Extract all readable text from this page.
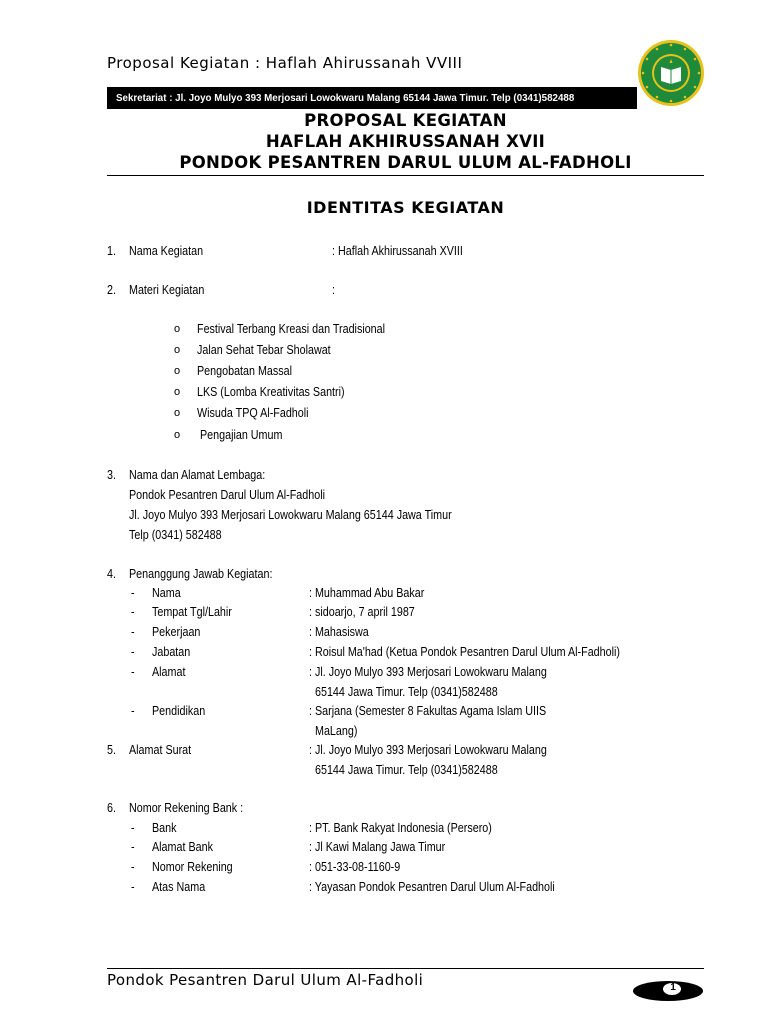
Proposal Kegiatan : Haflah Ahirussanah VVIII
Sekretariat : Jl. Joyo Mulyo 393 Merjosari Lowokwaru Malang 65144 Jawa Timur. Telp (0341)582488
PROPOSAL KEGIATAN
HAFLAH AKHIRUSSANAH XVII
PONDOK PESANTREN DARUL ULUM AL-FADHOLI
IDENTITAS KEGIATAN
1. Nama Kegiatan	: Haflah Akhirussanah XVIII
2. Materi Kegiatan	:
o Festival Terbang Kreasi dan Tradisional
o Jalan Sehat Tebar Sholawat
o Pengobatan Massal
o LKS (Lomba Kreativitas Santri)
o Wisuda TPQ Al-Fadholi
o Pengajian Umum
3. Nama dan Alamat Lembaga:
Pondok Pesantren Darul Ulum Al-Fadholi
Jl. Joyo Mulyo 393 Merjosari Lowokwaru Malang 65144 Jawa Timur
Telp (0341) 582488
4. Penanggung Jawab Kegiatan:
- Nama	: Muhammad Abu Bakar
- Tempat Tgl/Lahir	: sidoarjo, 7 april 1987
- Pekerjaan	: Mahasiswa
- Jabatan	: Roisul Ma'had (Ketua Pondok Pesantren Darul Ulum Al-Fadholi)
- Alamat	: Jl. Joyo Mulyo 393 Merjosari Lowokwaru Malang
65144 Jawa Timur. Telp (0341)582488
- Pendidikan	: Sarjana (Semester 8 Fakultas Agama Islam UIIS
MaLang)
5. Alamat Surat	: Jl. Joyo Mulyo 393 Merjosari Lowokwaru Malang
65144 Jawa Timur. Telp (0341)582488
6. Nomor Rekening Bank :
- Bank	: PT. Bank Rakyat Indonesia (Persero)
- Alamat Bank	: Jl Kawi Malang Jawa Timur
- Nomor Rekening	: 051-33-08-1160-9
- Atas Nama	: Yayasan Pondok Pesantren Darul Ulum Al-Fadholi
Pondok Pesantren Darul Ulum Al-Fadholi	1
